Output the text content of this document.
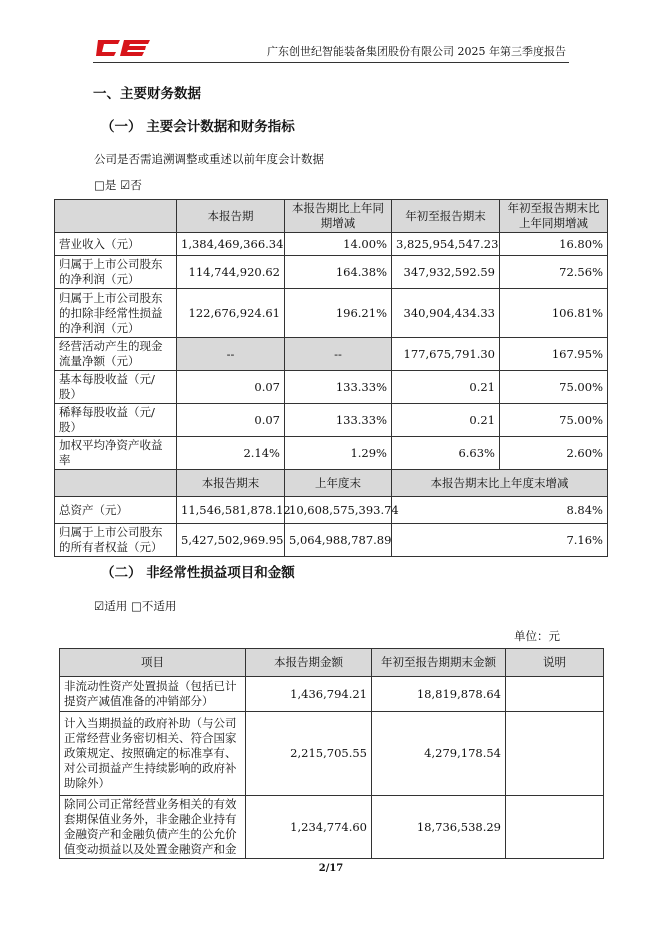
广东创世纪智能装备集团股份有限公司 2025 年第三季度报告
一、主要财务数据
（一） 主要会计数据和财务指标
公司是否需追溯调整或重述以前年度会计数据
□是 ☑否
	本报告期	本报告期比上年同期增减	年初至报告期末	年初至报告期末比上年同期增减
营业收入（元）	1,384,469,366.34	14.00%	3,825,954,547.23	16.80%
归属于上市公司股东的净利润（元）	114,744,920.62	164.38%	347,932,592.59	72.56%
归属于上市公司股东的扣除非经常性损益的净利润（元）	122,676,924.61	196.21%	340,904,434.33	106.81%
经营活动产生的现金流量净额（元）	--	--	177,675,791.30	167.95%
基本每股收益（元/股）	0.07	133.33%	0.21	75.00%
稀释每股收益（元/股）	0.07	133.33%	0.21	75.00%
加权平均净资产收益率	2.14%	1.29%	6.63%	2.60%
	本报告期末	上年度末	本报告期末比上年度末增减	
总资产（元）	11,546,581,878.12	10,608,575,393.74	8.84%	
归属于上市公司股东的所有者权益（元）	5,427,502,969.95	5,064,988,787.89	7.16%	
（二） 非经常性损益项目和金额
☑适用 □不适用
单位：元
项目	本报告期金额	年初至报告期期末金额	说明
非流动性资产处置损益（包括已计提资产减值准备的冲销部分）	1,436,794.21	18,819,878.64	
计入当期损益的政府补助（与公司正常经营业务密切相关、符合国家政策规定、按照确定的标准享有、对公司损益产生持续影响的政府补助除外）	2,215,705.55	4,279,178.54	
除同公司正常经营业务相关的有效套期保值业务外，非金融企业持有金融资产和金融负债产生的公允价值变动损益以及处置金融资产和金	1,234,774.60	18,736,538.29	
2/17
